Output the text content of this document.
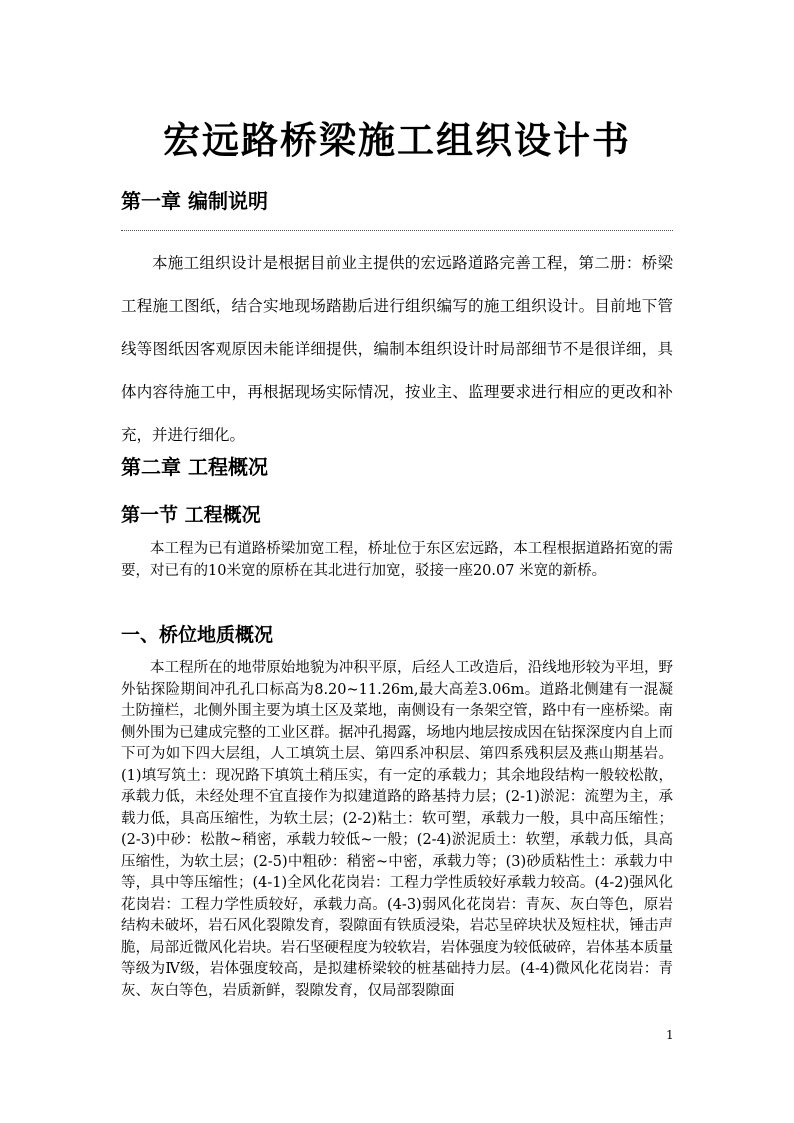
宏远路桥梁施工组织设计书
第一章 编制说明

本施工组织设计是根据目前业主提供的宏远路道路完善工程，第二册：桥梁工程施工图纸，结合实地现场踏勘后进行组织编写的施工组织设计。目前地下管线等图纸因客观原因未能详细提供，编制本组织设计时局部细节不是很详细，具体内容待施工中，再根据现场实际情况，按业主、监理要求进行相应的更改和补充，并进行细化。

第二章 工程概况
第一节 工程概况

本工程为已有道路桥梁加宽工程，桥址位于东区宏远路，本工程根据道路拓宽的需要，对已有的10米宽的原桥在其北进行加宽，驳接一座20.07 米宽的新桥。

一、桥位地质概况

本工程所在的地带原始地貌为冲积平原，后经人工改造后，沿线地形较为平坦，野外钻探险期间冲孔孔口标高为8.20~11.26m,最大高差3.06m。道路北侧建有一混凝土防撞栏，北侧外围主要为填土区及菜地，南侧设有一条架空管，路中有一座桥梁。南侧外围为已建成完整的工业区群。据冲孔揭露，场地内地层按成因在钻探深度内自上而下可为如下四大层组，人工填筑土层、第四系冲积层、第四系残积层及燕山期基岩。(1)填写筑土：现况路下填筑土稍压实，有一定的承载力；其余地段结构一般较松散，承载力低，未经处理不宜直接作为拟建道路的路基持力层；(2-1)淤泥：流塑为主，承载力低，具高压缩性，为软土层；(2-2)粘土：软可塑，承载力一般，具中高压缩性；(2-3)中砂：松散~稍密，承载力较低~一般；(2-4)淤泥质土：软塑，承载力低，具高压缩性，为软土层；(2-5)中粗砂：稍密~中密，承载力等；(3)砂质粘性土：承载力中等，具中等压缩性；(4-1)全风化花岗岩：工程力学性质较好承载力较高。(4-2)强风化花岗岩：工程力学性质较好，承载力高。(4-3)弱风化花岗岩：青灰、灰白等色，原岩结构未破坏，岩石风化裂隙发育，裂隙面有铁质浸染，岩芯呈碎块状及短柱状，锤击声脆，局部近微风化岩块。岩石坚硬程度为较软岩，岩体强度为较低破碎，岩体基本质量等级为Ⅳ级，岩体强度较高，是拟建桥梁较的桩基础持力层。(4-4)微风化花岗岩：青灰、灰白等色，岩质新鲜，裂隙发育，仅局部裂隙面

1
